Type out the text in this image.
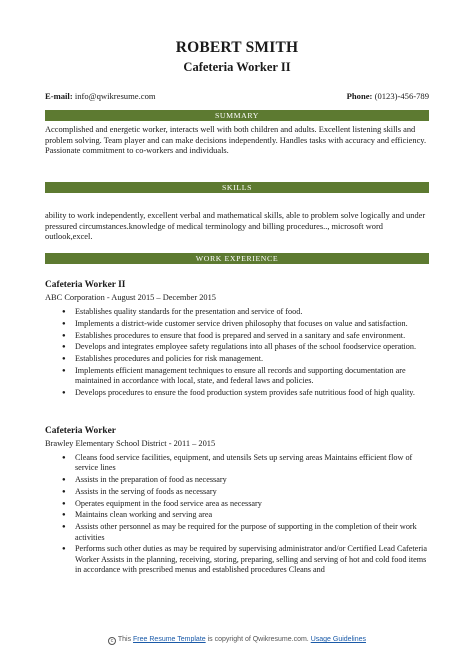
ROBERT SMITH
Cafeteria Worker II
E-mail: info@qwikresume.com	Phone: (0123)-456-789
SUMMARY
Accomplished and energetic worker, interacts well with both children and adults. Excellent listening skills and problem solving. Team player and can make decisions independently. Handles tasks with accuracy and efficiency. Passionate commitment to co-workers and individuals.
SKILLS
ability to work independently, excellent verbal and mathematical skills, able to problem solve logically and under pressured circumstances.knowledge of medical terminology and billing procedures.., microsoft word outlook,excel.
WORK EXPERIENCE
Cafeteria Worker II
ABC Corporation - August 2015 – December 2015
● Establishes quality standards for the presentation and service of food.
● Implements a district-wide customer service driven philosophy that focuses on value and satisfaction.
● Establishes procedures to ensure that food is prepared and served in a sanitary and safe environment.
● Develops and integrates employee safety regulations into all phases of the school foodservice operation.
● Establishes procedures and policies for risk management.
● Implements efficient management techniques to ensure all records and supporting documentation are maintained in accordance with local, state, and federal laws and policies.
● Develops procedures to ensure the food production system provides safe nutritious food of high quality.
Cafeteria Worker
Brawley Elementary School District - 2011 – 2015
● Cleans food service facilities, equipment, and utensils Sets up serving areas Maintains efficient flow of service lines
● Assists in the preparation of food as necessary
● Assists in the serving of foods as necessary
● Operates equipment in the food service area as necessary
● Maintains clean working and serving area
● Assists other personnel as may be required for the purpose of supporting in the completion of their work activities
● Performs such other duties as may be required by supervising administrator and/or Certified Lead Cafeteria Worker Assists in the planning, receiving, storing, preparing, selling and serving of hot and cold food items in accordance with prescribed menus and established procedures Cleans and
c This Free Resume Template is copyright of Qwikresume.com. Usage Guidelines
